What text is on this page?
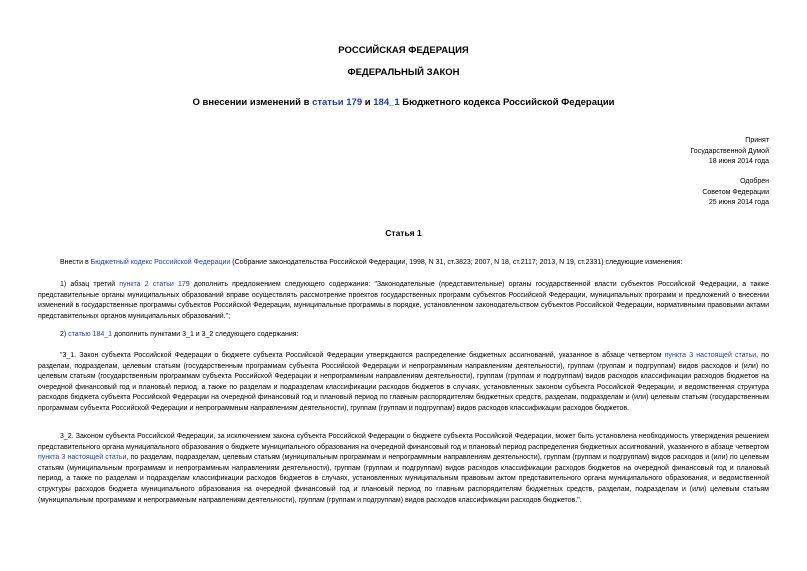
РОССИЙСКАЯ ФЕДЕРАЦИЯ
ФЕДЕРАЛЬНЫЙ ЗАКОН
О внесении изменений в статьи 179 и 184_1 Бюджетного кодекса Российской Федерации
Принят
Государственной Думой
18 июня 2014 года
Одобрен
Советом Федерации
25 июня 2014 года
Статья 1
Внести в Бюджетный кодекс Российской Федерации (Собрание законодательства Российской Федерации, 1998, N 31, ст.3823; 2007, N 18, ст.2117; 2013, N 19, ст.2331) следующие изменения:
1) абзац третий пункта 2 статьи 179 дополнить предложением следующего содержания: "Законодательные (представительные) органы государственной власти субъектов Российской Федерации, а также представительные органы муниципальных образований вправе осуществлять рассмотрение проектов государственных программ субъектов Российской Федерации, муниципальных программ и предложений о внесении изменений в государственные программы субъектов Российской Федерации, муниципальные программы в порядке, установленном законодательством субъектов Российской Федерации, нормативными правовыми актами представительных органов муниципальных образований.";
2) статью 184_1 дополнить пунктами 3_1 и 3_2 следующего содержания:
"3_1. Закон субъекта Российской Федерации о бюджете субъекта Российской Федерации утверждаются распределение бюджетных ассигнований, указанное в абзаце четвертом пункта 3 настоящей статьи, по разделам, подразделам, целевым статьям (государственным программам субъекта Российской Федерации и непрограммным направлениям деятельности), группам (группам и подгруппам) видов расходов и (или) по целевым статьям (государственным программам субъекта Российской Федерации и непрограммным направлениям деятельности), группам (группам и подгруппам) видов расходов классификации расходов бюджетов на очередной финансовый год и плановый период, а также по разделам и подразделам классификации расходов бюджетов в случаях, установленных законом субъекта Российской Федерации, и ведомственная структура расходов бюджета субъекта Российской Федерации на очередной финансовый год и плановый период по главным распорядителям бюджетных средств, разделам, подразделам и (или) целевым статьям (государственным программам субъекта Российской Федерации и непрограммным направлениям деятельности), группам (группам и подгруппам) видов расходов классификации расходов бюджетов.
3_2. Законом субъекта Российской Федерации, за исключением закона субъекта Российской Федерации о бюджете субъекта Российской Федерации, может быть установлена необходимость утверждения решением представительного органа муниципального образования о бюджете муниципального образования на очередной финансовый год и плановый период распределения бюджетных ассигнований, указанного в абзаце четвертом пункта 3 настоящей статьи, по разделам, подразделам, целевым статьям (муниципальным программам и непрограммным направлениям деятельности), группам (группам и подгруппам) видов расходов и (или) по целевым статьям (муниципальным программам и непрограммным направлениям деятельности), группам (группам и подгруппам) видов расходов классификации расходов бюджетов на очередной финансовый год и плановый период, а также по разделам и подразделам классификации расходов бюджетов в случаях, установленных муниципальным правовым актом представительного органа муниципального образования, и ведомственной структуры расходов бюджета муниципального образования на очередной финансовый год и плановый период по главным распорядителям бюджетных средств, разделам, подразделам и (или) целевым статьям (муниципальным программам и непрограммным направлениям деятельности), группам (группам и подгруппам) видов расходов классификации расходов бюджетов.".
